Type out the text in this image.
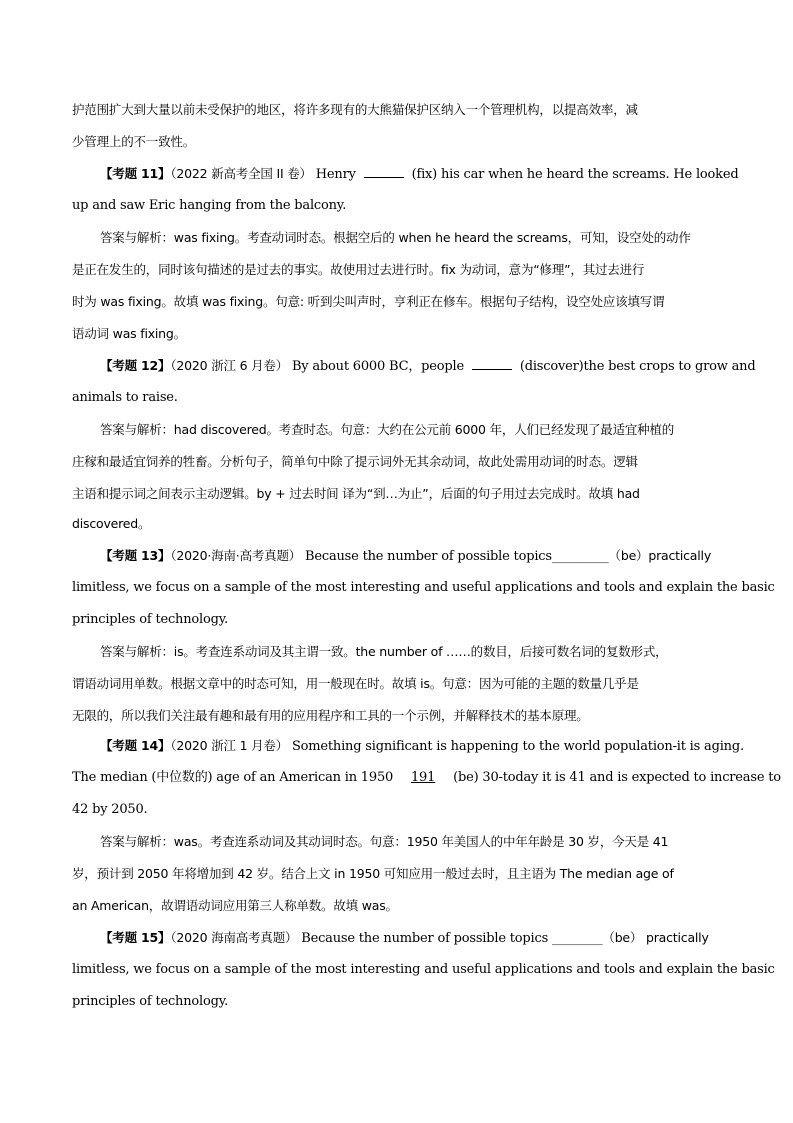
护范围扩大到大量以前未受保护的地区，将许多现有的大熊猫保护区纳入一个管理机构，以提高效率，减
少管理上的不一致性。
【考题 11】（2022 新高考全国 II 卷） Henry	(fix) his car when he heard the screams. He looked
up and saw Eric hanging from the balcony.
答案与解析：was fixing。考查动词时态。根据空后的 when he heard the screams，可知，设空处的动作
是正在发生的，同时该句描述的是过去的事实。故使用过去进行时。fix 为动词，意为“修理”，其过去进行
时为 was fixing。故填 was fixing。句意: 听到尖叫声时，亨利正在修车。根据句子结构，设空处应该填写谓
语动词 was fixing。
【考题 12】（2020 浙江 6 月卷） By about 6000 BC，people	(discover)the best crops to grow and
animals to raise.
答案与解析：had discovered。考查时态。句意：大约在公元前 6000 年，人们已经发现了最适宜种植的
庄稼和最适宜饲养的牲畜。分析句子，简单句中除了提示词外无其余动词，故此处需用动词的时态。逻辑
主语和提示词之间表示主动逻辑。by + 过去时间 译为“到…为止”，后面的句子用过去完成时。故填 had
discovered。
【考题 13】（2020·海南·高考真题） Because the number of possible topics_________（be）practically
limitless, we focus on a sample of the most interesting and useful applications and tools and explain the basic
principles of technology.
答案与解析：is。考查连系动词及其主谓一致。the number of ……的数目，后接可数名词的复数形式，
谓语动词用单数。根据文章中的时态可知，用一般现在时。故填 is。句意：因为可能的主题的数量几乎是
无限的，所以我们关注最有趣和最有用的应用程序和工具的一个示例，并解释技术的基本原理。
【考题 14】（2020 浙江 1 月卷） Something significant is happening to the world population-it is aging.
The median (中位数的) age of an American in 1950 191 (be) 30-today it is 41 and is expected to increase to
42 by 2050.
答案与解析：was。考查连系动词及其动词时态。句意：1950 年美国人的中年年龄是 30 岁，今天是 41
岁，预计到 2050 年将增加到 42 岁。结合上文 in 1950 可知应用一般过去时，且主语为 The median age of
an American，故谓语动词应用第三人称单数。故填 was。
【考题 15】（2020 海南高考真题） Because the number of possible topics ________（be） practically
limitless, we focus on a sample of the most interesting and useful applications and tools and explain the basic
principles of technology.
